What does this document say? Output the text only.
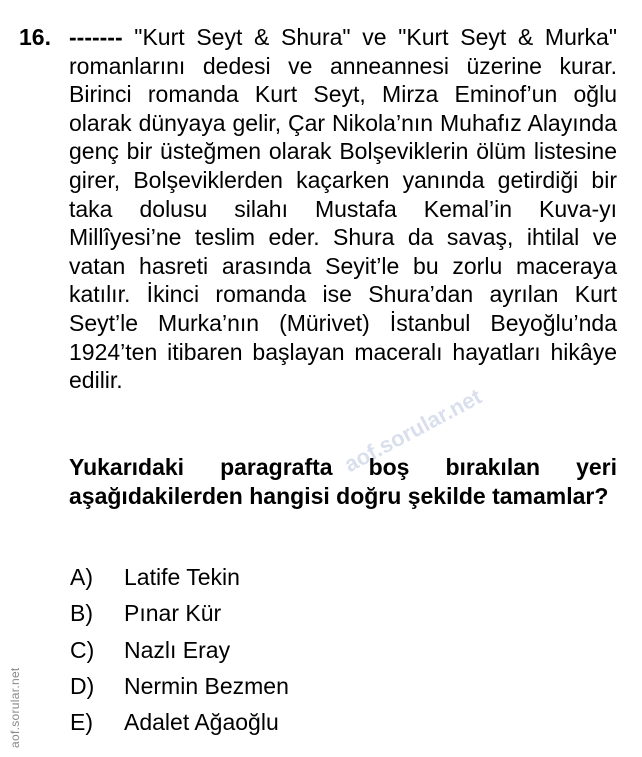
16. ------- "Kurt Seyt & Shura" ve "Kurt Seyt & Murka" romanlarını dedesi ve anneannesi üzerine kurar. Birinci romanda Kurt Seyt, Mirza Eminof’un oğlu olarak dünyaya gelir, Çar Nikola’nın Muhafız Alayında genç bir üsteğmen olarak Bolşeviklerin ölüm listesine girer, Bolşeviklerden kaçarken yanında getirdiği bir taka dolusu silahı Mustafa Kemal’in Kuva-yı Millîyesi’ne teslim eder. Shura da savaş, ihtilal ve vatan hasreti arasında Seyit’le bu zorlu maceraya katılır. İkinci romanda ise Shura’dan ayrılan Kurt Seyt’le Murka’nın (Mürivet) İstanbul Beyoğlu’nda 1924’ten itibaren başlayan maceralı hayatları hikâye edilir.

Yukarıdaki paragrafta boş bırakılan yeri aşağıdakilerden hangisi doğru şekilde tamamlar?

A)	Latife Tekin
B)	Pınar Kür
C)	Nazlı Eray
D)	Nermin Bezmen
E)	Adalet Ağaoğlu
aof.sorular.net
aof.sorular.net
